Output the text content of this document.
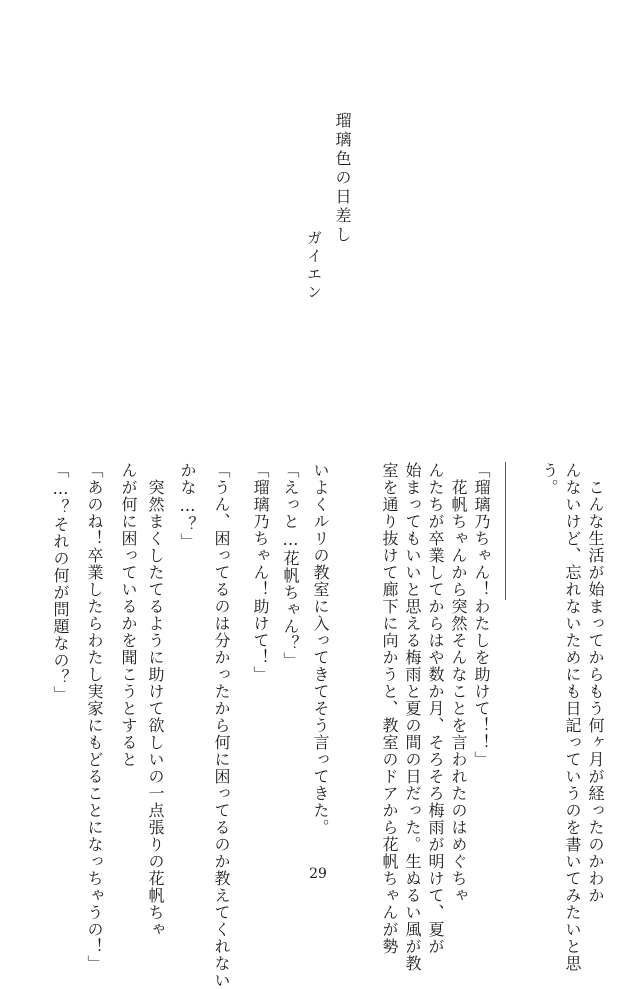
瑠璃色の日差し
ガイエン
　こんな生活が始まってからもう何ヶ月が経ったのかわか
んないけど、忘れないためにも日記っていうのを書いてみたいと思
う。
「瑠璃乃ちゃん！わたしを助けて！！」
　花帆ちゃんから突然そんなことを言われたのはめぐちゃ
んたちが卒業してからはや数か月、そろそろ梅雨が明けて、夏が
始まってもいいと思える梅雨と夏の間の日だった。生ぬるい風が教
室を通り抜けて廊下に向かうと、教室のドアから花帆ちゃんが勢
いよくルリの教室に入ってきてそう言ってきた。
「えっと…花帆ちゃん？」
「瑠璃乃ちゃん！助けて！」
「うん、困ってるのは分かったから何に困ってるのか教えてくれない
かな…？」
　突然まくしたてるように助けて欲しいの一点張りの花帆ちゃ
んが何に困っているかを聞こうとすると
「あのね！卒業したらわたし実家にもどることになっちゃうの！」
「…？それの何が問題なの？」
29
